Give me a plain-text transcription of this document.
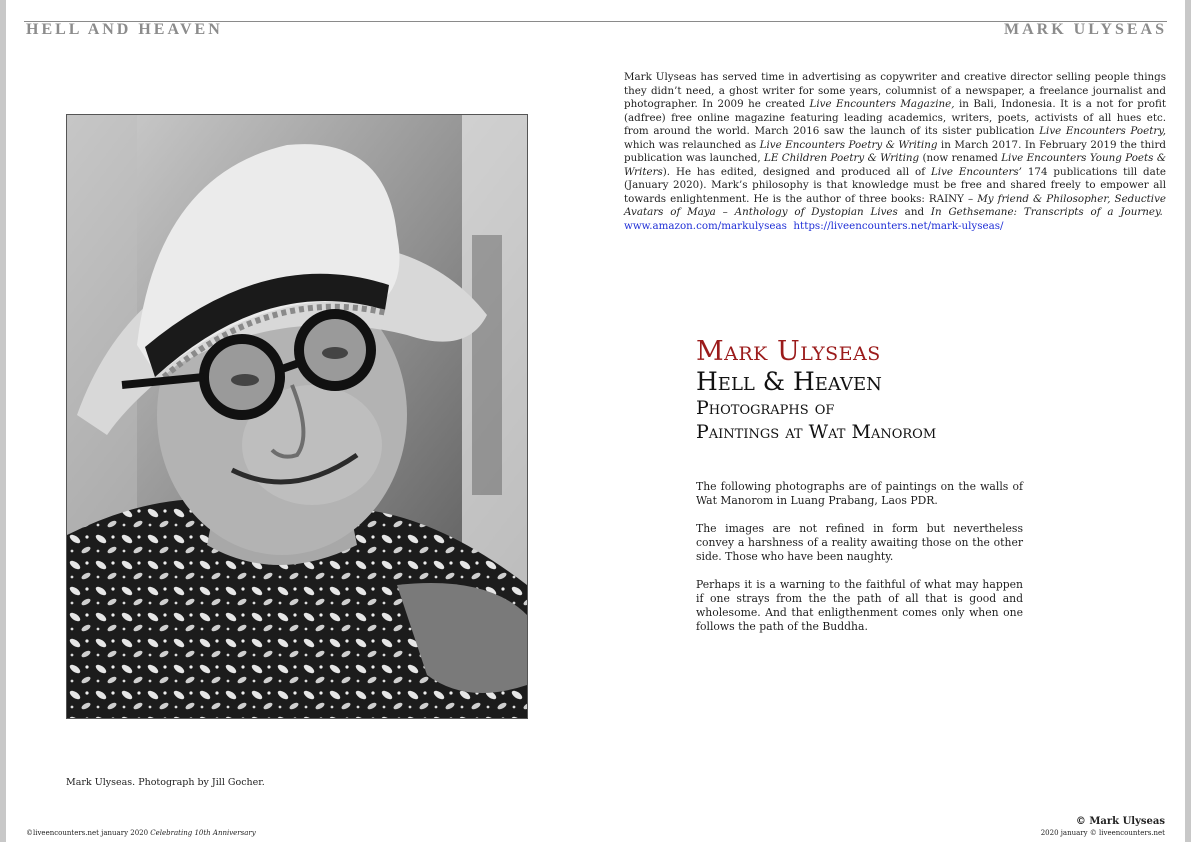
HELL AND HEAVEN	MARK ULYSEAS
Mark Ulyseas. Photograph by Jill Gocher.
Mark Ulyseas has served time in advertising as copywriter and creative director selling people things they didn’t need, a ghost writer for some years, columnist of a newspaper, a freelance journalist and photographer. In 2009 he created Live Encounters Magazine, in Bali, Indonesia. It is a not for profit (adfree) free online magazine featuring leading academics, writers, poets, activists of all hues etc. from around the world. March 2016 saw the launch of its sister publication Live Encounters Poetry, which was relaunched as Live Encounters Poetry & Writing in March 2017. In February 2019 the third publication was launched, LE Children Poetry & Writing (now renamed Live Encounters Young Poets & Writers). He has edited, designed and produced all of Live Encounters’ 174 publications till date (January 2020). Mark’s philosophy is that knowledge must be free and shared freely to empower all towards enlightenment. He is the author of three books: RAINY – My friend & Philosopher, Seductive Avatars of Maya – Anthology of Dystopian Lives and In Gethsemane: Transcripts of a Journey.  www.amazon.com/markulyseas https://liveencounters.net/mark-ulyseas/
Mark Ulyseas
Hell & Heaven
Photographs of
Paintings at Wat Manorom

The following photographs are of paintings on the walls of Wat Manorom in Luang Prabang, Laos PDR.

The images are not refined in form but nevertheless convey a harshness of a reality awaiting those on the other side. Those who have been naughty.

Perhaps it is a warning to the faithful of what may happen if one strays from the the path of all that is good and wholesome. And that enligthenment comes only when one follows the path of the Buddha.

©liveencounters.net january 2020 Celebrating 10th Anniversary
© Mark Ulyseas
2020 january © liveencounters.net
